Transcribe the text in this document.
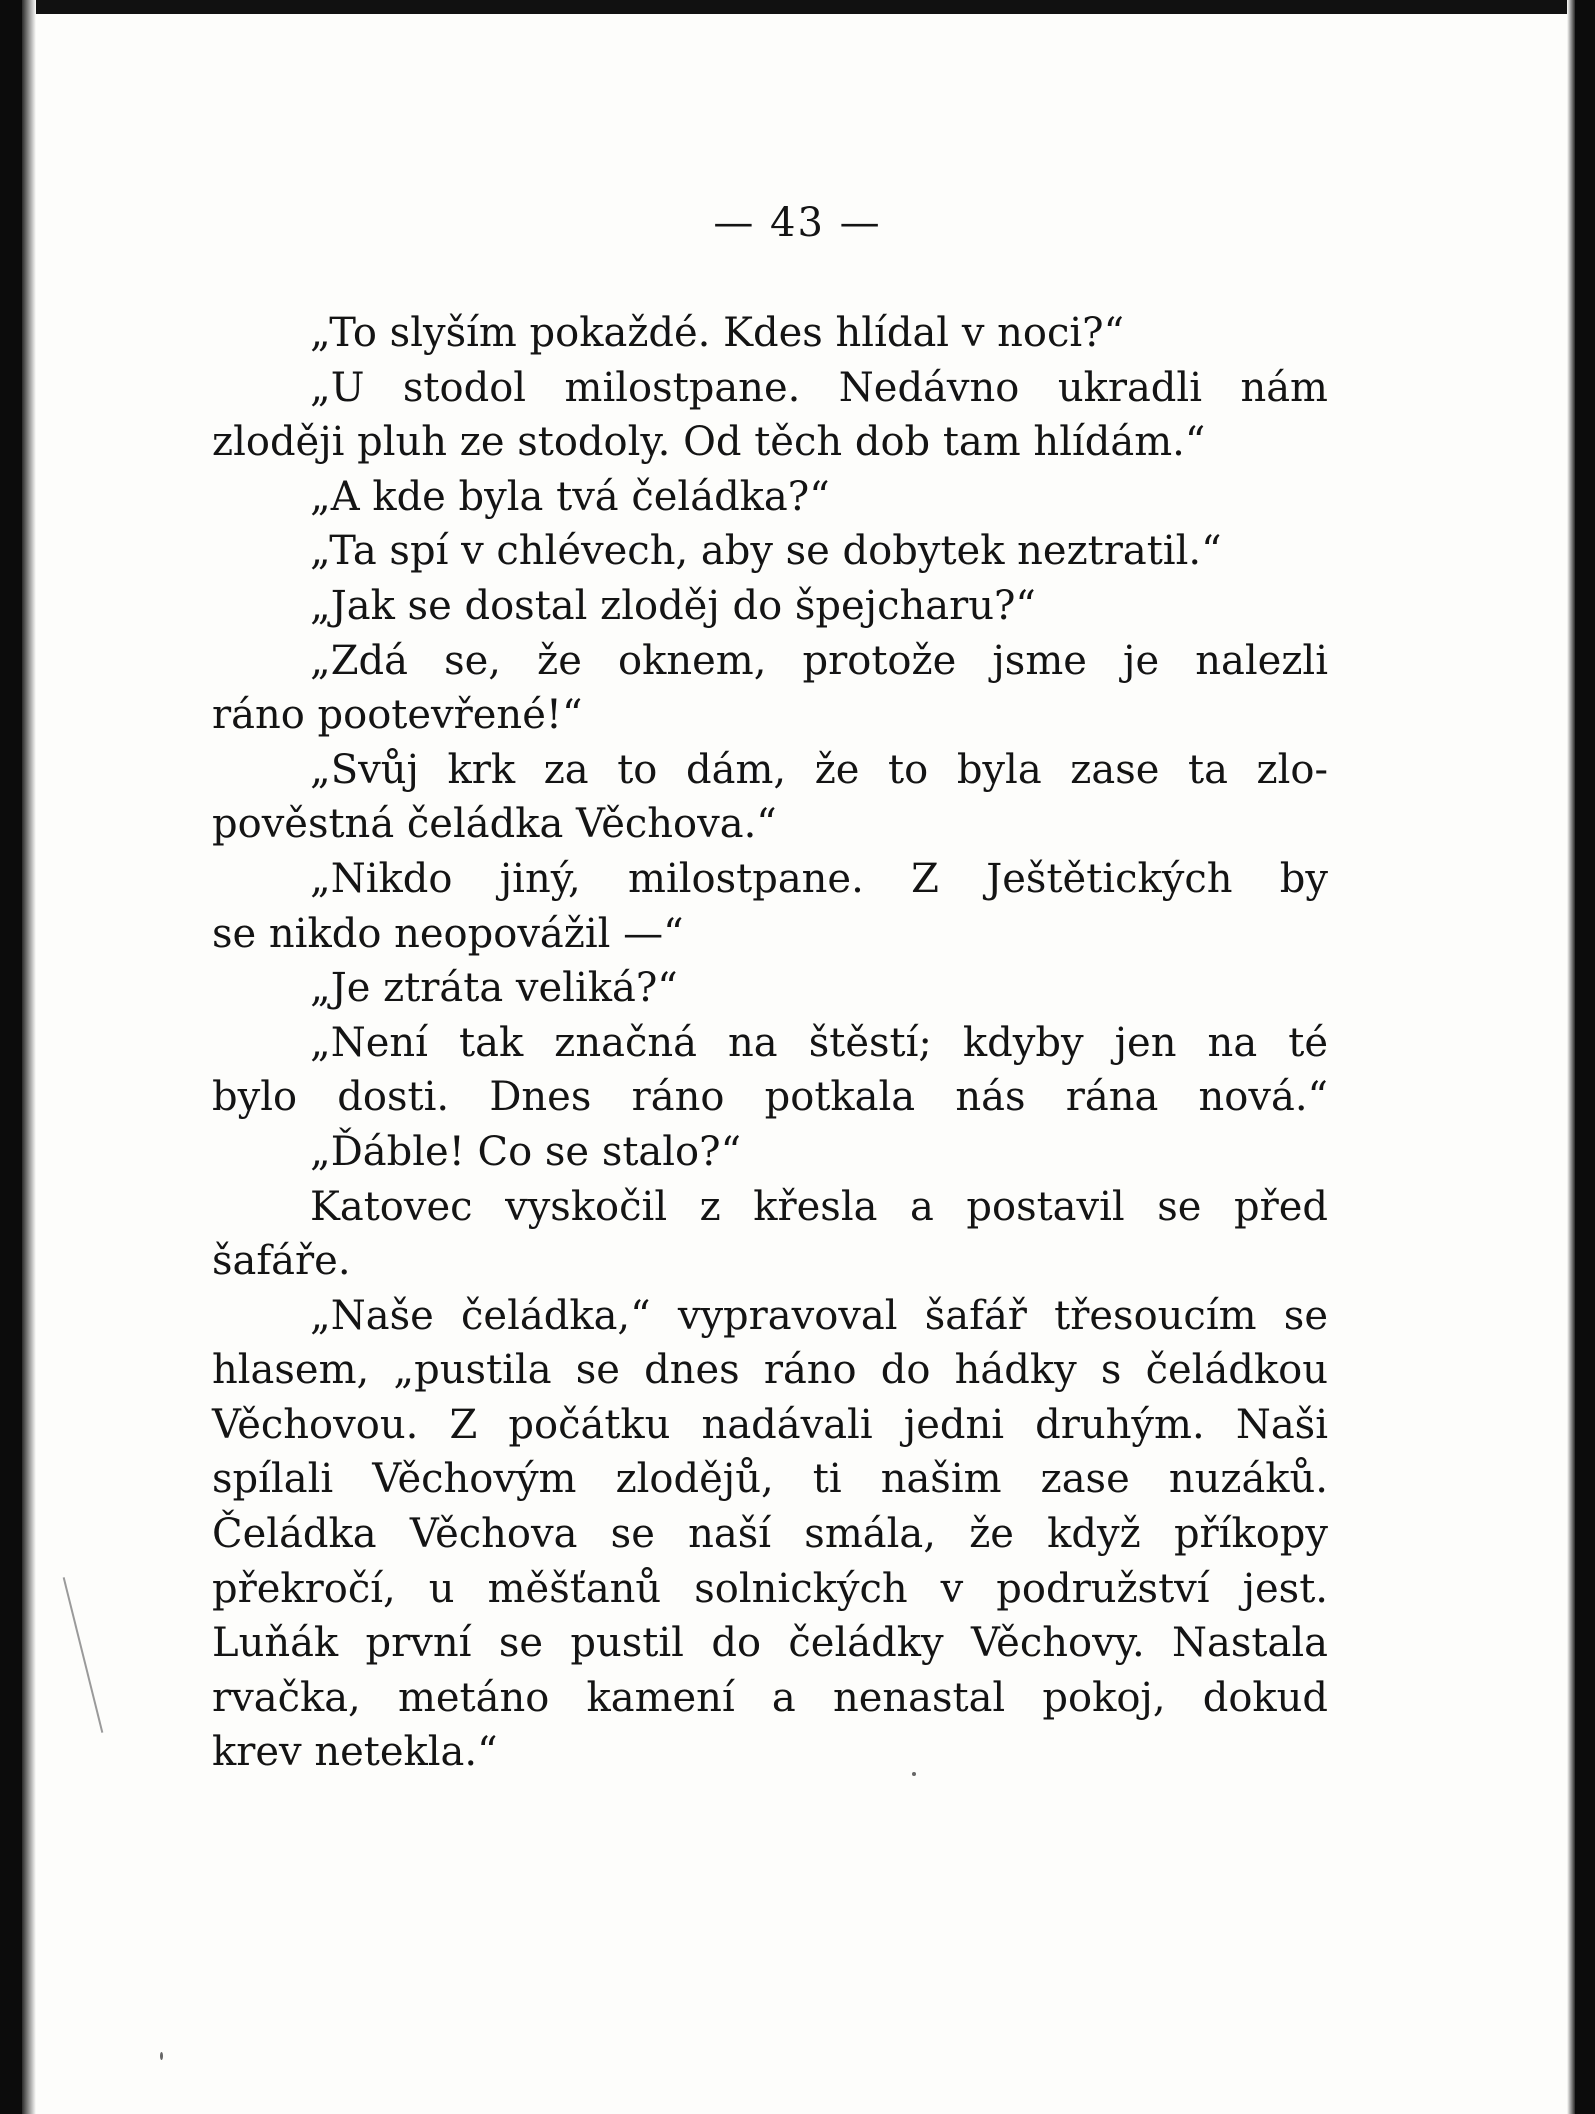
— 43 —
„To slyším pokaždé. Kdes hlídal v noci?“
„U stodol milostpane. Nedávno ukradli nám
zloději pluh ze stodoly. Od těch dob tam hlídám.“
„A kde byla tvá čeládka?“
„Ta spí v chlévech, aby se dobytek neztratil.“
„Jak se dostal zloděj do špejcharu?“
„Zdá se, že oknem, protože jsme je nalezli
ráno pootevřené!“
„Svůj krk za to dám, že to byla zase ta zlo-
pověstná čeládka Věchova.“
„Nikdo jiný, milostpane. Z Ještětických by
se nikdo neopovážil —“
„Je ztráta veliká?“
„Není tak značná na štěstí; kdyby jen na té
bylo dosti. Dnes ráno potkala nás rána nová.“
„Ďáble! Co se stalo?“
Katovec vyskočil z křesla a postavil se před
šafáře.
„Naše čeládka,“ vypravoval šafář třesoucím se
hlasem, „pustila se dnes ráno do hádky s čeládkou
Věchovou. Z počátku nadávali jedni druhým. Naši
spílali Věchovým zlodějů, ti našim zase nuzáků.
Čeládka Věchova se naší smála, že když příkopy
překročí, u měšťanů solnických v podružství jest.
Luňák první se pustil do čeládky Věchovy. Nastala
rvačka, metáno kamení a nenastal pokoj, dokud
krev netekla.“
